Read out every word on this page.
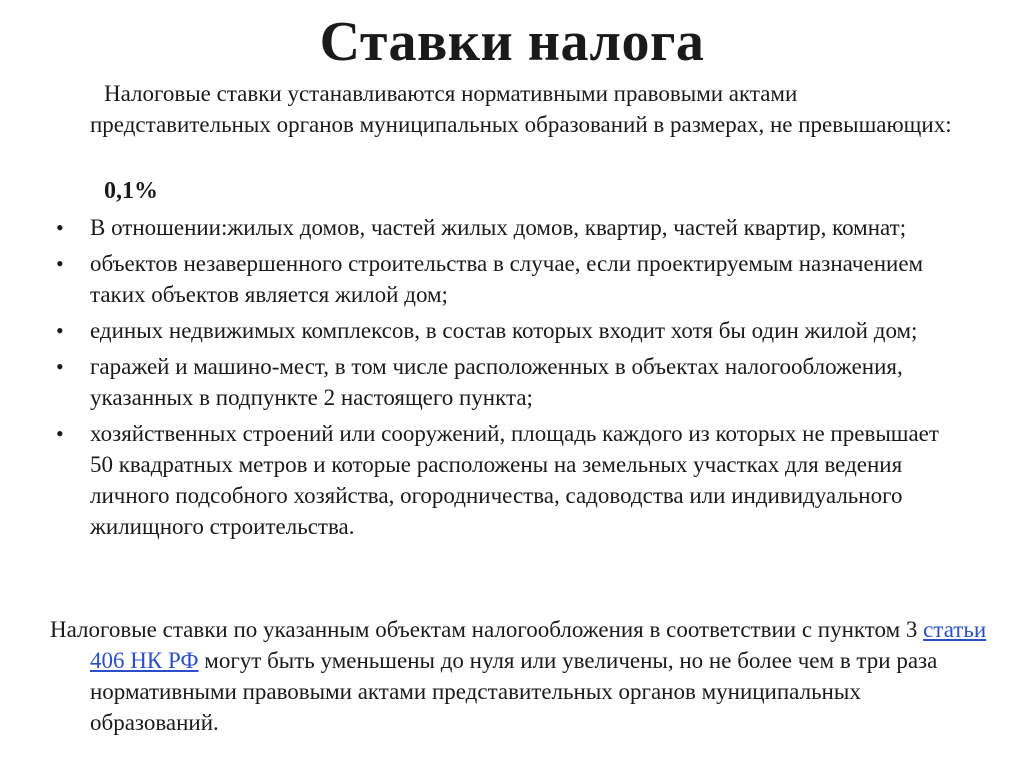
Ставки налога
Налоговые ставки устанавливаются нормативными правовыми актами представительных органов муниципальных образований в размерах, не превышающих:
0,1%
• В отношении:жилых домов, частей жилых домов, квартир, частей квартир, комнат;
• объектов незавершенного строительства в случае, если проектируемым назначением таких объектов является жилой дом;
• единых недвижимых комплексов, в состав которых входит хотя бы один жилой дом;
• гаражей и машино-мест, в том числе расположенных в объектах налогообложения, указанных в подпункте 2 настоящего пункта;
• хозяйственных строений или сооружений, площадь каждого из которых не превышает 50 квадратных метров и которые расположены на земельных участках для ведения личного подсобного хозяйства, огородничества, садоводства или индивидуального жилищного строительства.
Налоговые ставки по указанным объектам налогообложения в соответствии с пунктом 3 статьи 406 НК РФ могут быть уменьшены до нуля или увеличены, но не более чем в три раза нормативными правовыми актами представительных органов муниципальных образований.
